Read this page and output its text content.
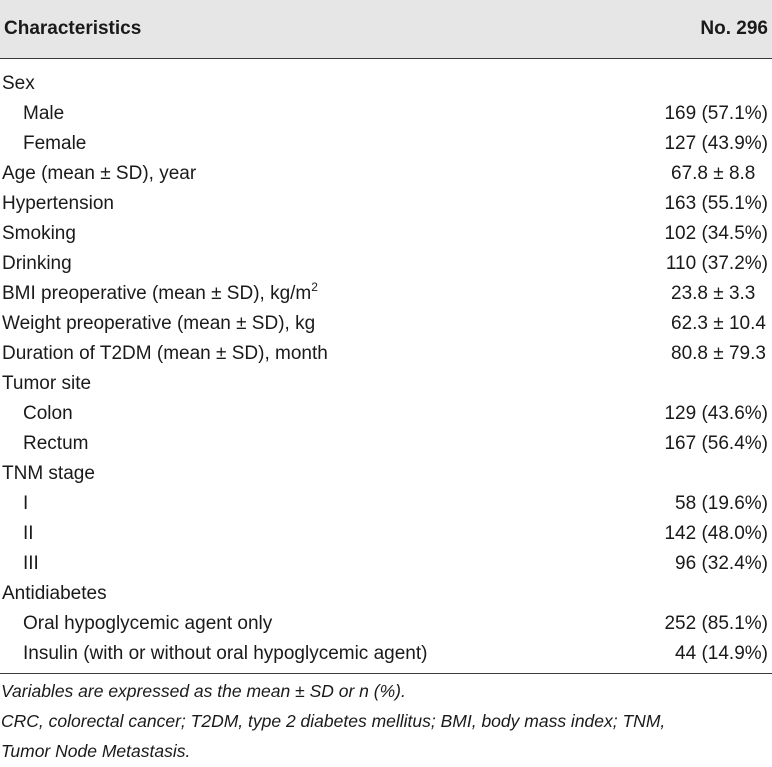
Characteristics	No. 296
Sex
Male	169 (57.1%)
Female	127 (43.9%)
Age (mean ± SD), year	67.8 ± 8.8
Hypertension	163 (55.1%)
Smoking	102 (34.5%)
Drinking	110 (37.2%)
BMI preoperative (mean ± SD), $kg/m^2$	23.8 ± 3.3
Weight preoperative (mean ± SD), kg	62.3 ± 10.4
Duration of T2DM (mean ± SD), month	80.8 ± 79.3
Tumor site
Colon	129 (43.6%)
Rectum	167 (56.4%)
TNM stage
I	58 (19.6%)
II	142 (48.0%)
III	96 (32.4%)
Antidiabetes
Oral hypoglycemic agent only	252 (85.1%)
Insulin (with or without oral hypoglycemic agent)	44 (14.9%)
Variables are expressed as the mean ± SD or n (%).
CRC, colorectal cancer; T2DM, type 2 diabetes mellitus; BMI, body mass index; TNM,
Tumor Node Metastasis.
